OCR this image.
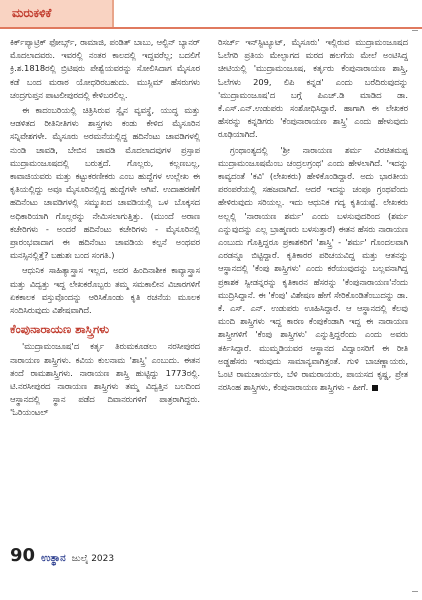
ಮರುಕಳಿಕೆ

ಕಿರ್ಕ್‌ಪ್ಯಾಟ್ರಿಕ್ ಫೋರ್ಬ್ಸ್, ರಾಮಾಜಿ, ಪಂಡಿತ್ ಬಾಬು, ಆಲ್ಬಿನ್ ಬ್ಯಾನರ್ ಮೊದಲಾದವರು. ಇವರಲ್ಲಿ ನಂತರ ಕಾಲದಲ್ಲಿ ಇದ್ದವರೆಲ್ಲ; ಬದಲಿಗೆ ಕ್ರಿ.ಶ.1818ರಲ್ಲಿ ಬ್ರಿಟಿಷರು ಪೇಶ್ವೆಯವರನ್ನು ಸೋಲಿಸಿದಾಗ ಮೈಸೂರ ಕಡೆ ಬಂದ ಮರಾಠ ಯೋಧರಿರಬಹುದು. ಮುಸ್ಲಿಮ್ ಹೆಸರುಗಳು ಚಂದ್ರಗುಪ್ತನ ಪಾಟಲೀಪುರದಲ್ಲಿ ಕೇಳಿಬರಲಿಲ್ಲ.

ಈ ಕಾದಂಬರಿಯಲ್ಲಿ ಚಿತ್ರಿಸಿರುವ ಸ್ವೈನ ವ್ಯವಸ್ಥೆ, ಯುದ್ಧ ಮತ್ತು ಆಡಳಿತದ ರೀತಿನೀತಿಗಳು ಶಾಸ್ತ್ರಗಳು ಕಂಡು ಕೇಳಿದ ಮೈಸೂರಿನ ಸನ್ನಿವೇಶಗಳೇ. ಮೈಸೂರು ಅರಮನೆಯಲ್ಲಿದ್ದ ಹದಿನೆಂಟು ಚಾವಡಿಗಳಲ್ಲಿ ನುಂಡಿ ಚಾವಡಿ, ಬೇಬಿನ ಚಾವಡಿ ಮೊದಲಾದವುಗಳ ಪ್ರಸ್ತಾಪ ಮುದ್ರಾಮಂಜೂಷದಲ್ಲಿ ಬರುತ್ತದೆ. ಗೊಲ್ಲರು, ಕಲ್ಲಣಬಲ್ಲ, ಕಾವಾಜಿಯವರು ಮತ್ತು ಕಟ್ಟುಕರಣೀಕರು ಎಂಬ ಹುದ್ದೆಗಳ ಉಲ್ಲೇಖ ಈ ಕೃತಿಯಲ್ಲಿದ್ದು ಅವೂ ಮೈಸೂರಿನಲ್ಲಿದ್ದ ಹುದ್ದೆಗಳೇ ಆಗಿವೆ. ಉದಾಹರಣೆಗೆ ಹದಿನೆಂಟು ಚಾವಡಿಗಳಲ್ಲಿ ಸಮ್ಮುಖದ ಚಾವಡಿಯಲ್ಲಿ ಒಳ ಬೊಕ್ಕಸದ ಅಧಿಕಾರಿಯಾಗಿ ಗೊಲ್ಲರನ್ನು ನೇಮಿಸಲಾಗುತ್ತಿತ್ತು. (ಮುಂದೆ ಅರಾಣ ಕಚೇರಿಗಳು - ಅಂದರೆ ಹದಿನೆಂಟು ಕಚೇರಿಗಳು - ಮೈಸೂರಿನಲ್ಲಿ ಪ್ರಾರಂಭವಾದಾಗ ಈ ಹದಿನೆಂಟು ಚಾವಡಿಯ ಕಲ್ಪನೆ ಅಂಥವರ ಮನಸ್ಸಿನಲ್ಲಿತ್ತೆ? ಬಹುಶಃ ಬಂದ ಸಂಗತಿ.)

ಆಧುನಿಕ ಸಾಹಿತ್ಯಾಸ್ತ್ರಾಸ ಇಲ್ಲದ, ಅದರ ಹಿಂದಿನಾಶೀಕ ಕಾವ್ಯಾಸ್ತ್ರಾಸ ಮತ್ತು ವಿದ್ವತ್ತು ಇದ್ದ ಲೇಖಕರೊಬ್ಬರು ತಮ್ಮ ಸಮಕಾಲೀನ ವಿಚಾರಗಳಿಗೆ ಏಕಕಾಲಕ ವಸ್ತುವೊಂದನ್ನು ಆರಿಸಿಕೊಂಡು ಕೃತಿ ರಚನೆಯ ಮೂಲಕ ಸಂದಿಸಿರುವುದು ವಿಶೇಷವಾಗಿದೆ.

ಕೆಂಪುನಾರಾಯಣ ಶಾಸ್ತ್ರಿಗಳು

'ಮುದ್ರಾಮಂಜೂಷ'ದ ಕರ್ತೃ ತಿರುಮಕೂಡಲು ನರಸೀಪುರದ ನಾರಾಯಣ ಶಾಸ್ತ್ರಿಗಳು. ಕವಿಯ ಕುಲನಾಮ 'ಶಾಸ್ತ್ರಿ' ಎಂಬುದು. ಈತನ ತಂದೆ ರಾಮಶಾಸ್ತ್ರಿಗಳು. ನಾರಾಯಣ ಶಾಸ್ತ್ರಿ ಹುಟ್ಟಿದ್ದು 1773ರಲ್ಲಿ. ಟಿ.ನರಸೀಪುರದ ನಾರಾಯಣ ಶಾಸ್ತ್ರಿಗಳು ತಮ್ಮ ವಿದ್ವತ್ತಿನ ಬಲದಿಂದ ಆಸ್ಥಾನದಲ್ಲಿ ಸ್ಥಾನ ಪಡೆದ ದಿವಾನರುಗಳಿಗೆ ಪಾತ್ರರಾಗಿದ್ದರು. 'ಓರಿಯಂಟಲ್

ರಿಸರ್ಚ್ ಇನ್‌ಸ್ಟಿಟ್ಯೂಟ್, ಮೈಸೂರು' ಇಲ್ಲಿರುವ ಮುದ್ರಾಮಂಜೂಷದ ಓಲೆಗರಿ ಪ್ರತಿಯ ಮೇಲ್ಭಾಗದ ಮರದ ಹಲಗೆಯ ಮೇಲೆ ಅಂಟಿಸಿದ್ದ ಚೀಟಿಯಲ್ಲಿ 'ಮುದ್ರಾಮಂಜೂಷ, ಕರ್ತೃರು ಕೆಂಪುನಾರಾಯಣ ಶಾಸ್ತ್ರಿ, ಓಲೆಗಳು 209, ಲಿಪಿ ಕನ್ನಡ' ಎಂದು ಬರೆದಿರುವುದನ್ನು 'ಮುದ್ರಾಮಂಜೂಷ'ದ ಬಗ್ಗೆ ಪಿಎಚ್.ಡಿ ಮಾಡಿದ ಡಾ. ಕೆ.ಎಸ್.ಎನ್.ಉಡುಪರು ಸಂಶೋಧಿಸಿದ್ದಾರೆ. ಹಾಗಾಗಿ ಈ ಲೇಖಕರ ಹೆಸರನ್ನು ಕನ್ನಡಿಗರು 'ಕೆಂಪುನಾರಾಯಣ ಶಾಸ್ತ್ರಿ' ಎಂದು ಹೇಳುವುದು ರೂಢಿಯಾಗಿದೆ.

ಗ್ರಂಥಾಂತ್ಯದಲ್ಲಿ 'ಶ್ರೀ ನಾರಾಯಣ ಶರ್ಮ ವಿರಚಿತಮಪ್ಪ ಮುದ್ರಾಮಂಜೂಷಮೆಂಬ ಚಂದ್ರಲಗ್ರಂಥ' ಎಂದು ಹೇಳಲಾಗಿದೆ. 'ಇದನ್ನು ಕಾವ್ಯದಂತೆ 'ಕವಿ' (ಲೇಖಕರು) ಹೇಳಿಕೊಂಡಿದ್ದಾರೆ. ಅದು ಭಾರತೀಯ ಪರಂಪರೆಯಲ್ಲಿ ಸಹಜವಾಗಿದೆ. ಆದರೆ ಇದನ್ನು ಚಂಪೂ ಗ್ರಂಥವೆಂದು ಹೇಳಿರುವುದು ಸರಿಯಲ್ಲ. ಇದು ಆಧುನಿಕ ಗದ್ಯ ಕೃತಿಯಷ್ಟೆ. ಲೇಖಕರು ಅಲ್ಲಲ್ಲಿ 'ನಾರಾಯಣ ಶರ್ಮ' ಎಂದು ಬಳಸುವುದರಿಂದ (ಶರ್ಮ ಎನ್ನುವುದನ್ನು ಎಲ್ಲ ಬ್ರಾಹ್ಮಣರು ಬಳಸುತ್ತಾರೆ) ಈತನ ಹೆಸರು ನಾರಾಯಣ ಎಂಬುದು ಗೊತ್ತಿದ್ದರೂ ಪ್ರಕಾಶಕರಿಗೆ 'ಶಾಸ್ತ್ರಿ' - 'ಶರ್ಮ' ಗೊಂದಲವಾಗಿ ಎರಡನ್ನೂ ಬಿಟ್ಟಿದ್ದಾರೆ. ಕೃತಿಕಾರರ ಪರಿಚಯವಿದ್ದ ಮತ್ತು ಆತನನ್ನು ಆಸ್ಥಾನದಲ್ಲಿ 'ಕೆಂಪು ಶಾಸ್ತ್ರಿಗಳು' ಎಂದು ಕರೆಯುವುದನ್ನು ಬಲ್ಲವನಾಗಿದ್ದ ಪ್ರಕಾಶಕ ಸ್ವೀಡನ್ನರನ್ನು ಕೃತಿಕಾರನ ಹೆಸರನ್ನು 'ಕೆಂಪುನಾರಾಯಣ'ನೆಂದು ಮುದ್ರಿಸಿದ್ದಾನೆ. ಈ 'ಕೆಂಪು' ವಿಶೇಷಣ ಹೇಗೆ ಸೇರಿಕೊಂಡಿತೆಂಬುದನ್ನು ಡಾ. ಕೆ. ಎಸ್. ಎನ್. ಉಡುಪರು ಊಹಿಸಿದ್ದಾರೆ. ಆ ಆಸ್ಥಾನದಲ್ಲಿ ಕೆಲವು ಮಂದಿ ಶಾಸ್ತ್ರಿಗಳು ಇದ್ದ ಕಾರಣ ಕೆಂಪುಕೆಂಡಾಗಿ ಇದ್ದ ಈ ನಾರಾಯಣ ಶಾಸ್ತ್ರೀಗಳಿಗೆ 'ಕೆಂಪು ಶಾಸ್ತ್ರಿಗಳು' ಎನ್ನುತ್ತಿದ್ದರೆಂದು ಎಂದು ಅವರು ತರ್ಕಿಸಿದ್ದಾರೆ. ಮುಮ್ಮಡಿಯವರ ಆಸ್ಥಾನದ ವಿದ್ವಾಂಸರಿಗೆ ಈ ರೀತಿ ಅಡ್ಡಹೆಸರು ಇರುವುದು ಸಾಮಾನ್ಯವಾಗಿತ್ತಂತೆ. ಗುಳಿ ಬಾಚಣ್ಣಾಯರು, ಓಂಟಿ ರಾಮಚಾರ್ಯರು, ಬೆಳಿ ರಾಮರಾಯರು, ಪಾಯಸದ ಕೃಷ್ಣ, ಪ್ರೇತ ನರಸಿಂಹ ಶಾಸ್ತ್ರಿಗಳು, ಕೆಂಪುನಾರಾಯಣ ಶಾಸ್ತ್ರಿಗಳು - ಹೀಗೆ.

90 ಉತ್ಥಾನ ಜುಲೈ 2023
